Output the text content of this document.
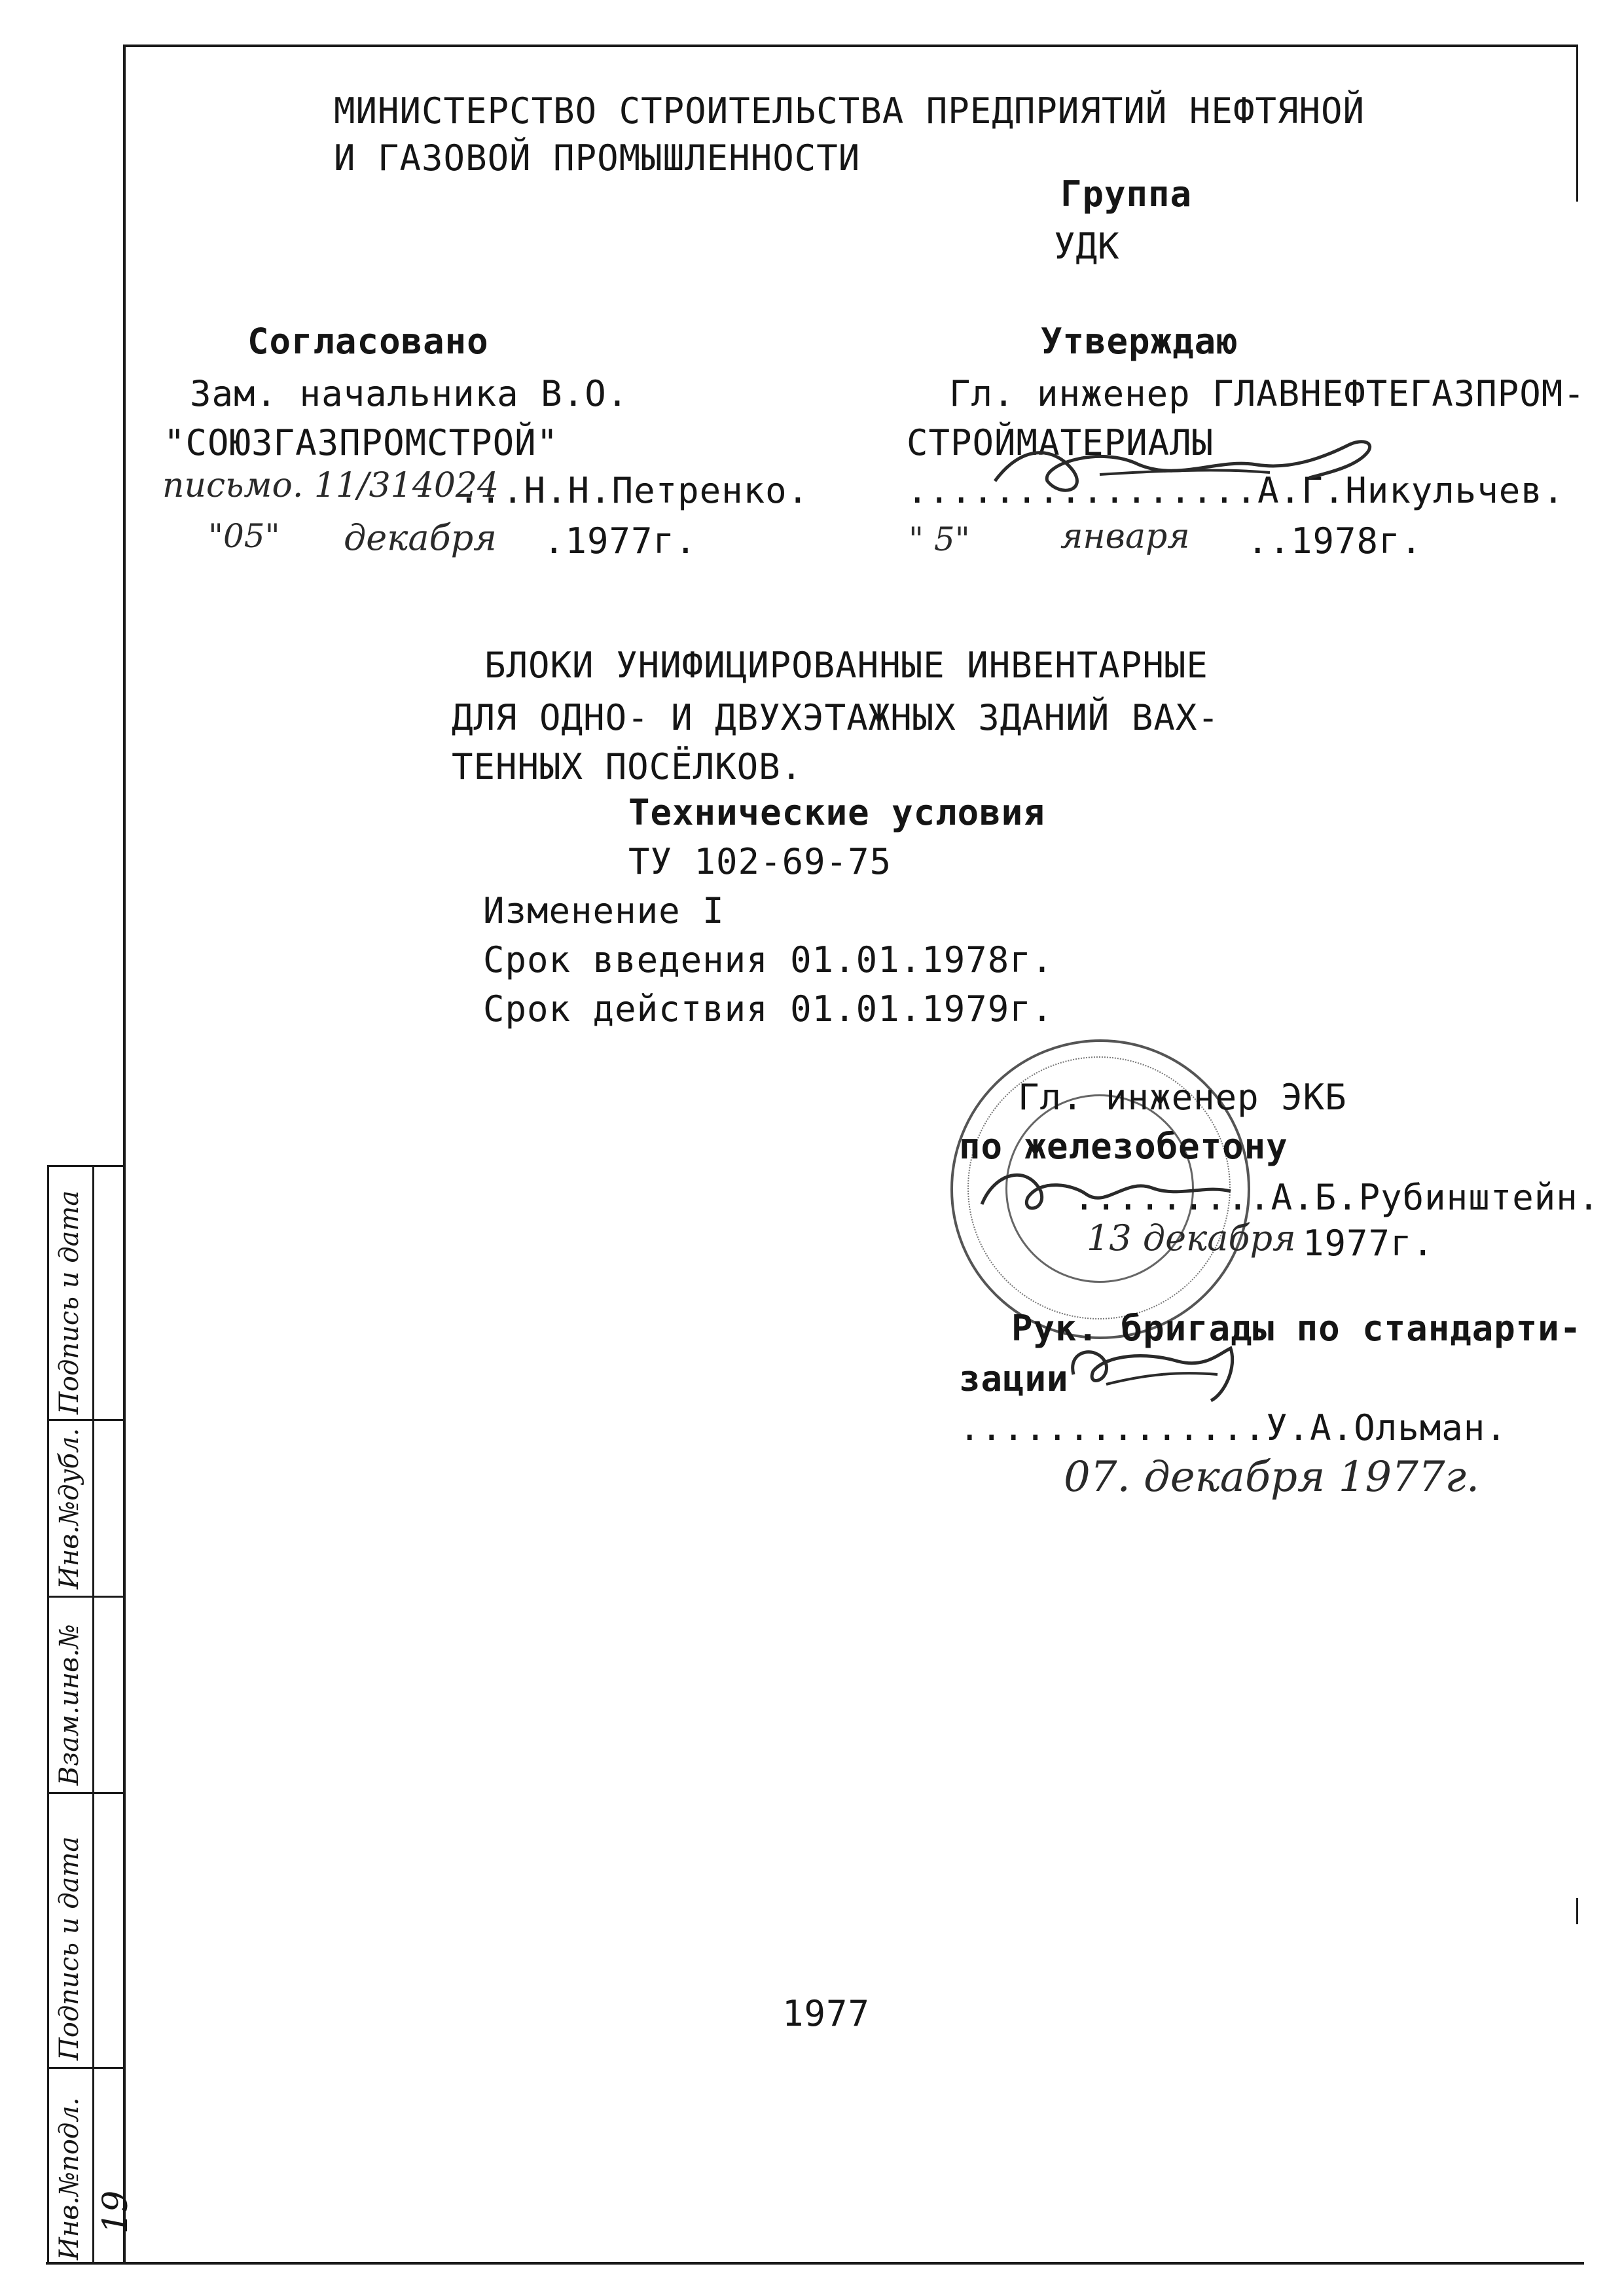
МИНИСТЕРСТВО СТРОИТЕЛЬСТВА ПРЕДПРИЯТИЙ НЕФТЯНОЙ
И ГАЗОВОЙ ПРОМЫШЛЕННОСТИ
Группа
УДК
Согласовано
Зам. начальника В.О.
"СОЮЗГАЗПРОМСТРОЙ"
письмо. 11/314024
...Н.Н.Петренко.
"05" декабря .1977г.
Утверждаю
Гл. инженер ГЛАВНЕФТЕГАЗПРОМ-
СТРОЙМАТЕРИАЛЫ
................А.Г.Никульчев.
" 5"	января ..1978г.
БЛОКИ УНИФИЦИРОВАННЫЕ ИНВЕНТАРНЫЕ
ДЛЯ ОДНО- И ДВУХЭТАЖНЫХ ЗДАНИЙ ВАХ-
ТЕННЫХ ПОСЁЛКОВ.
Технические условия
ТУ 102-69-75
Изменение I
Срок введения 01.01.1978г.
Срок действия 01.01.1979г.
Гл. инженер ЭКБ
по железобетону
.........А.Б.Рубинштейн.
13 декабря 1977г.
Рук. бригады по стандарти-
зации
..............У.А.Ольман.
07. декабря 1977г.
1977
Инв.№подл.
Подпись и дата
Взам.инв.№
Инв.№дубл.
Подпись и дата
19
